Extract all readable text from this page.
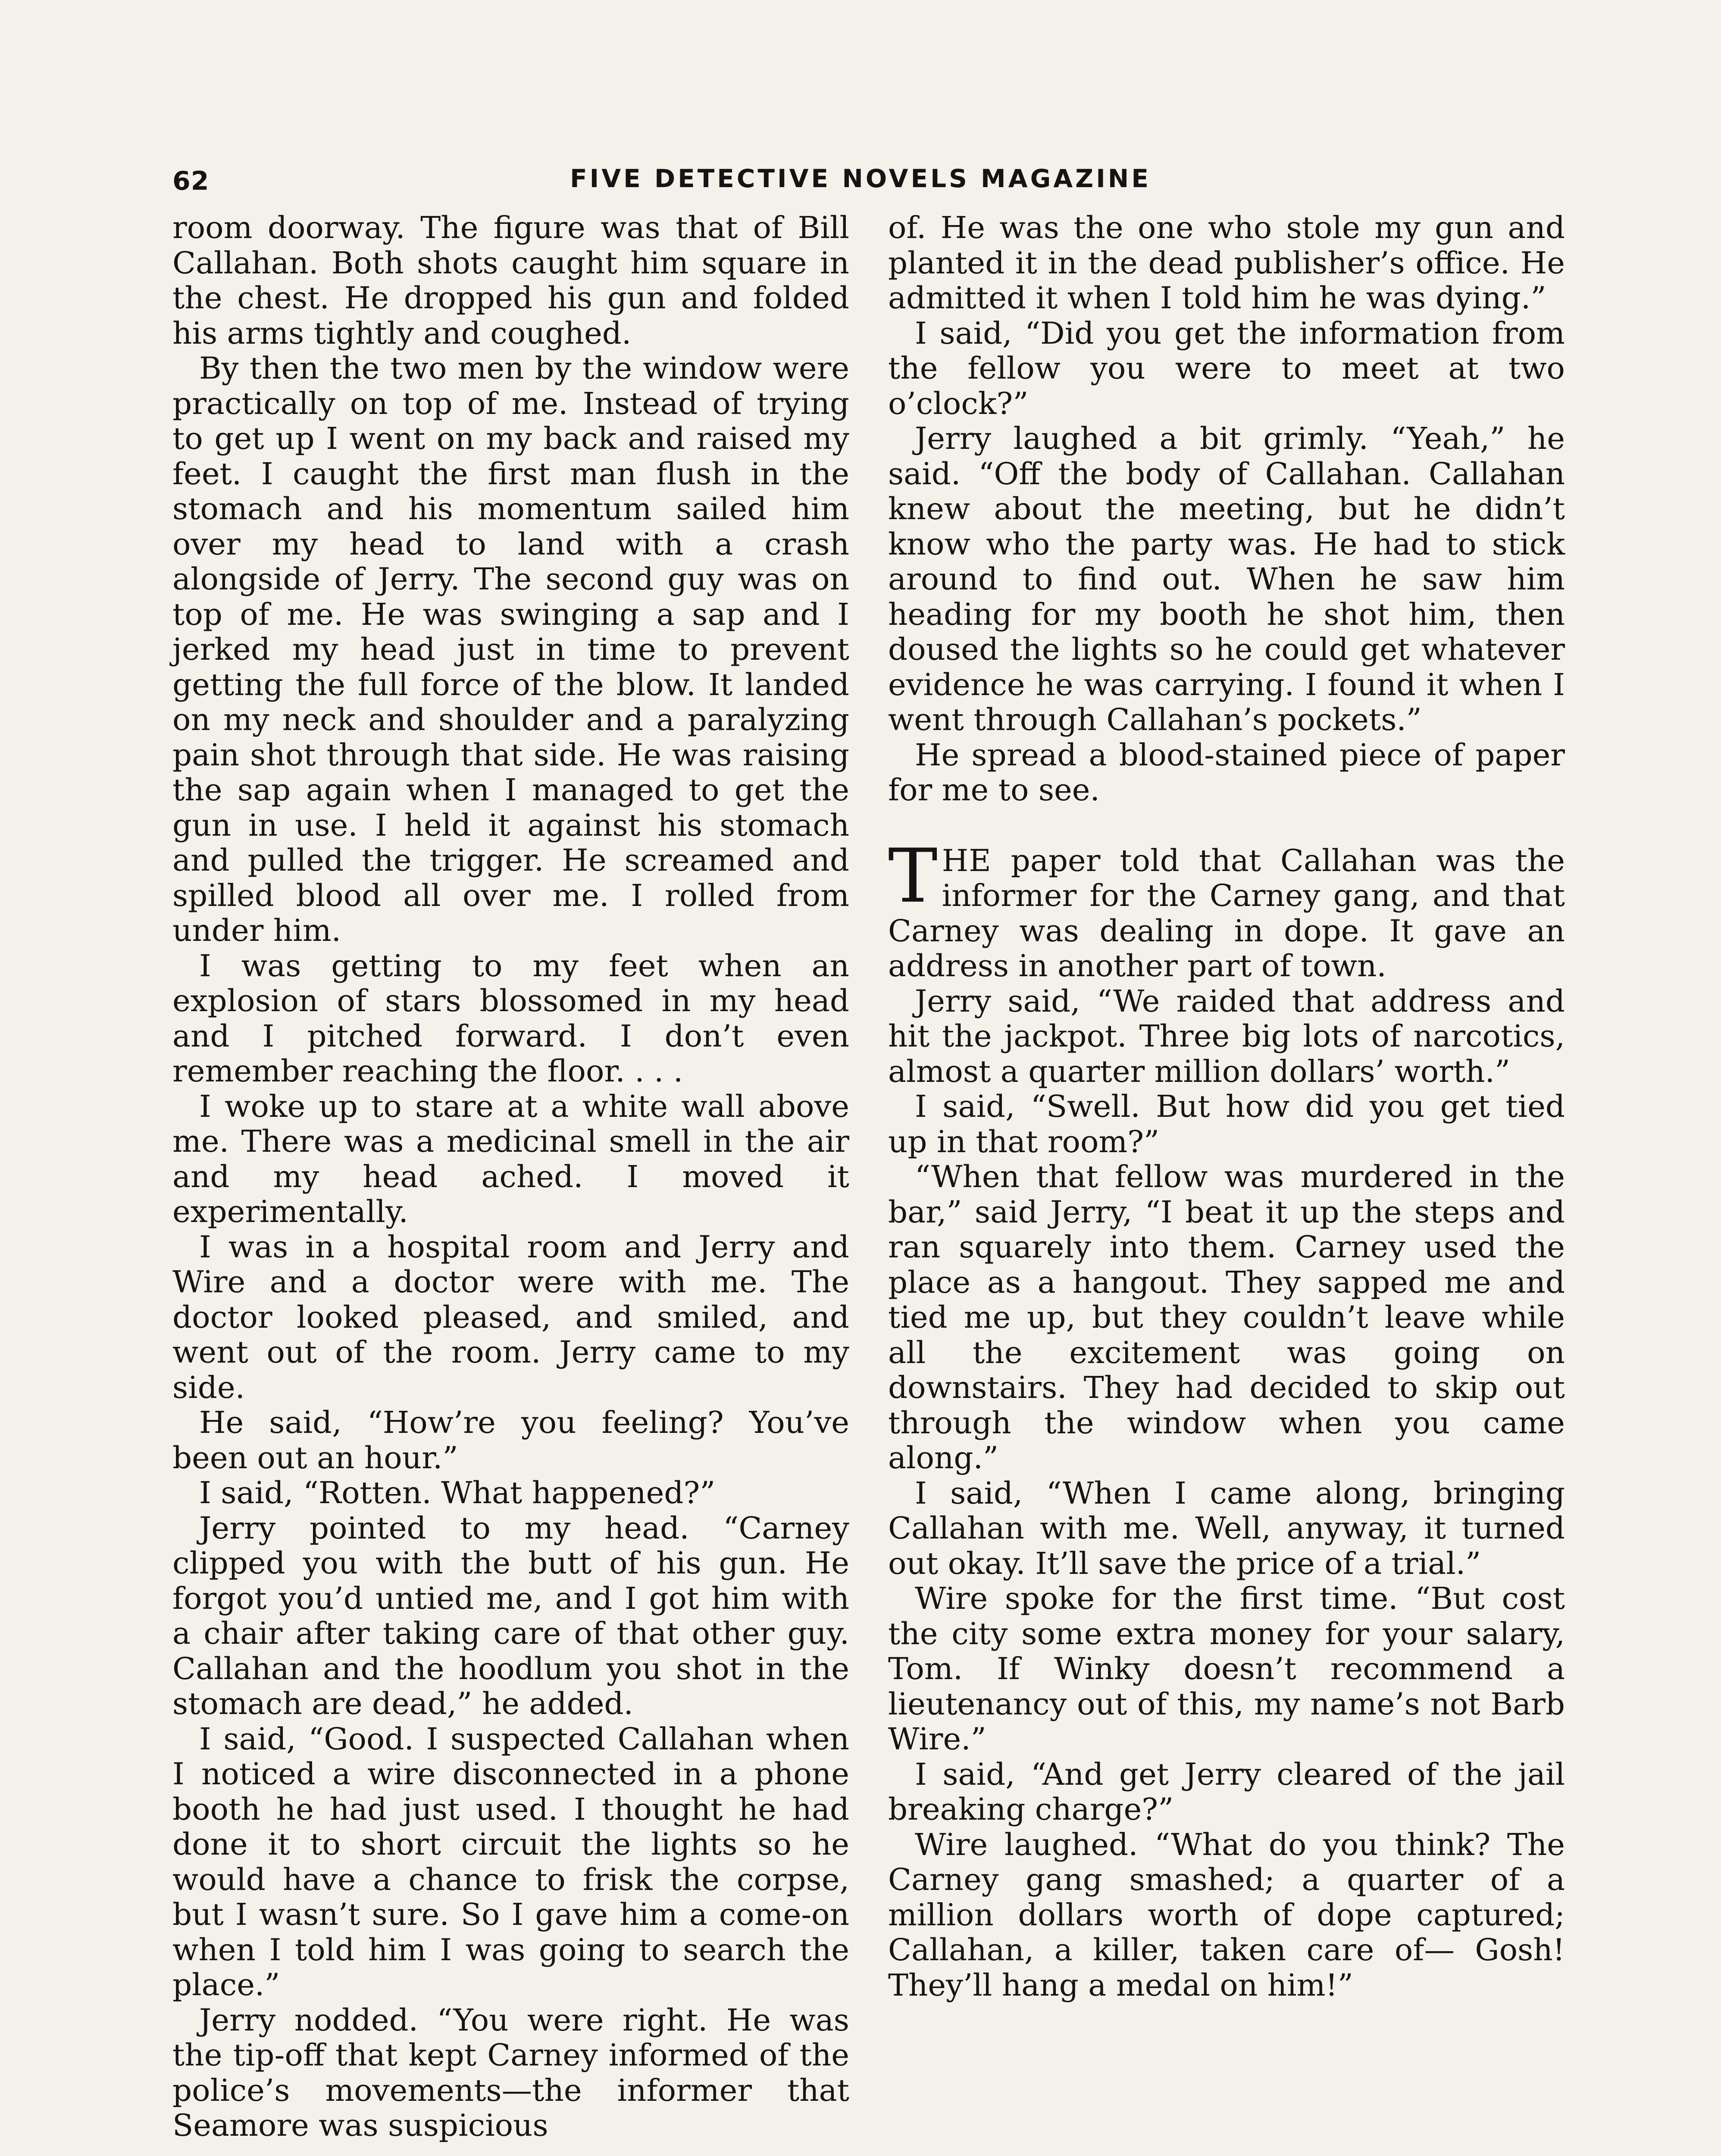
62	FIVE DETECTIVE NOVELS MAGAZINE

room doorway. The figure was that of Bill Callahan. Both shots caught him square in the chest. He dropped his gun and folded his arms tightly and coughed.

By then the two men by the window were practically on top of me. Instead of trying to get up I went on my back and raised my feet. I caught the first man flush in the stomach and his momentum sailed him over my head to land with a crash alongside of Jerry. The second guy was on top of me. He was swinging a sap and I jerked my head just in time to prevent getting the full force of the blow. It landed on my neck and shoulder and a paralyzing pain shot through that side. He was raising the sap again when I managed to get the gun in use. I held it against his stomach and pulled the trigger. He screamed and spilled blood all over me. I rolled from under him.

I was getting to my feet when an explosion of stars blossomed in my head and I pitched forward. I don’t even remember reaching the floor. . . .

I woke up to stare at a white wall above me. There was a medicinal smell in the air and my head ached. I moved it experimentally.

I was in a hospital room and Jerry and Wire and a doctor were with me. The doctor looked pleased, and smiled, and went out of the room. Jerry came to my side.

He said, “How’re you feeling? You’ve been out an hour.”

I said, “Rotten. What happened?”

Jerry pointed to my head. “Carney clipped you with the butt of his gun. He forgot you’d untied me, and I got him with a chair after taking care of that other guy. Callahan and the hoodlum you shot in the stomach are dead,” he added.

I said, “Good. I suspected Callahan when I noticed a wire disconnected in a phone booth he had just used. I thought he had done it to short circuit the lights so he would have a chance to frisk the corpse, but I wasn’t sure. So I gave him a come-on when I told him I was going to search the place.”

Jerry nodded. “You were right. He was the tip-off that kept Carney informed of the police’s movements—the informer that Seamore was suspicious

of. He was the one who stole my gun and planted it in the dead publisher’s office. He admitted it when I told him he was dying.”

I said, “Did you get the information from the fellow you were to meet at two o’clock?”

Jerry laughed a bit grimly. “Yeah,” he said. “Off the body of Callahan. Callahan knew about the meeting, but he didn’t know who the party was. He had to stick around to find out. When he saw him heading for my booth he shot him, then doused the lights so he could get whatever evidence he was carrying. I found it when I went through Callahan’s pockets.”

He spread a blood-stained piece of paper for me to see.

THE paper told that Callahan was the informer for the Carney gang, and that Carney was dealing in dope. It gave an address in another part of town.

Jerry said, “We raided that address and hit the jackpot. Three big lots of narcotics, almost a quarter million dollars’ worth.”

I said, “Swell. But how did you get tied up in that room?”

“When that fellow was murdered in the bar,” said Jerry, “I beat it up the steps and ran squarely into them. Carney used the place as a hangout. They sapped me and tied me up, but they couldn’t leave while all the excitement was going on downstairs. They had decided to skip out through the window when you came along.”

I said, “When I came along, bringing Callahan with me. Well, anyway, it turned out okay. It’ll save the price of a trial.”

Wire spoke for the first time. “But cost the city some extra money for your salary, Tom. If Winky doesn’t recommend a lieutenancy out of this, my name’s not Barb Wire.”

I said, “And get Jerry cleared of the jail breaking charge?”

Wire laughed. “What do you think? The Carney gang smashed; a quarter of a million dollars worth of dope captured; Callahan, a killer, taken care of— Gosh! They’ll hang a medal on him!”
